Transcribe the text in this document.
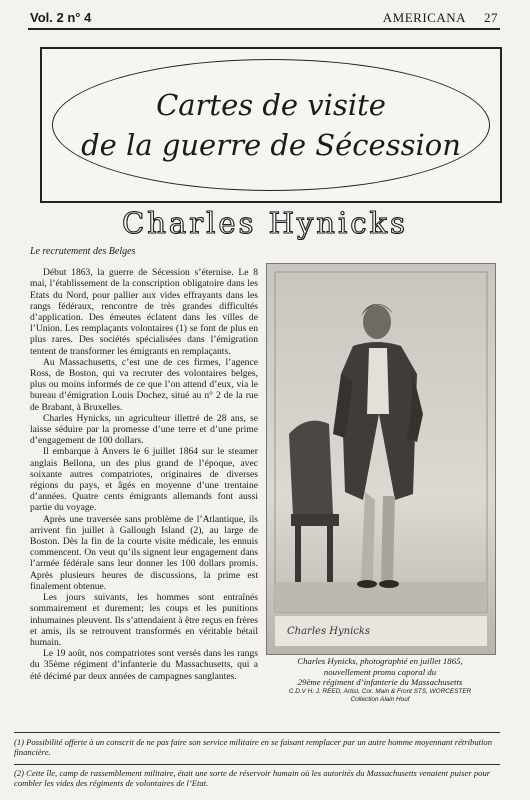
Vol. 2 n° 4	AMERICANA 27
Cartes de visite
de la guerre de Sécession
Charles Hynicks
Le recrutement des Belges

Début 1863, la guerre de Sécession s’éternise. Le 8 mai, l’établissement de la conscription obligatoire dans les Etats du Nord, pour pallier aux vides effrayants dans les rangs fédéraux, rencontre de très grandes difficultés d’application. Des émeutes éclatent dans les villes de l’Union. Les remplaçants volontaires (1) se font de plus en plus rares. Des sociétés spécialisées dans l’émigration tentent de transformer les émigrants en remplaçants.

Au Massachusetts, c’est une de ces firmes, l’agence Ross, de Boston, qui va recruter des volontaires belges, plus ou moins informés de ce que l’on attend d’eux, via le bureau d’émigration Louis Dochez, situé au n° 2 de la rue de Brabant, à Bruxelles.

Charles Hynicks, un agriculteur illettré de 28 ans, se laisse séduire par la promesse d’une terre et d’une prime d’engagement de 100 dollars.

Il embarque à Anvers le 6 juillet 1864 sur le steamer anglais Bellona, un des plus grand de l’époque, avec soixante autres compatriotes, originaires de diverses régions du pays, et âgés en moyenne d’une trentaine d’années. Quatre cents émigrants allemands font aussi partie du voyage.

Après une traversée sans problème de l’Atlantique, ils arrivent fin juillet à Gallough Island (2), au large de Boston. Dès la fin de la courte visite médicale, les ennuis commencent. On veut qu’ils signent leur engagement dans l’armée fédérale sans leur donner les 100 dollars promis. Après plusieurs heures de discussions, la prime est finalement obtenue.

Les jours suivants, les hommes sont entraînés sommairement et durement; les coups et les punitions inhumaines pleuvent. Ils s’attendaient à être reçus en frères et amis, ils se retrouvent transformés en véritable bétail humain.

Le 19 août, nos compatriotes sont versés dans les rangs du 35ème régiment d’infanterie du Massachusetts, qui a été décimé par deux années de campagnes sanglantes.

Charles Hynicks
Charles Hynicks, photographié en juillet 1865,
nouvellement promu caporal du
29ème régiment d’infanterie du Massachusetts
C.D.V H. J. REED, Artist, Cor. Main & Front STS, WORCESTER
Collection Alain Houf
(1) Possibilité offerte à un conscrit de ne pas faire son service militaire en se faisant remplacer par un autre homme moyennant rétribution financière.
(2) Cette île, camp de rassemblement militaire, était une sorte de réservoir humain où les autorités du Massachusetts venaient puiser pour combler les vides des régiments de volontaires de l’Etat.
